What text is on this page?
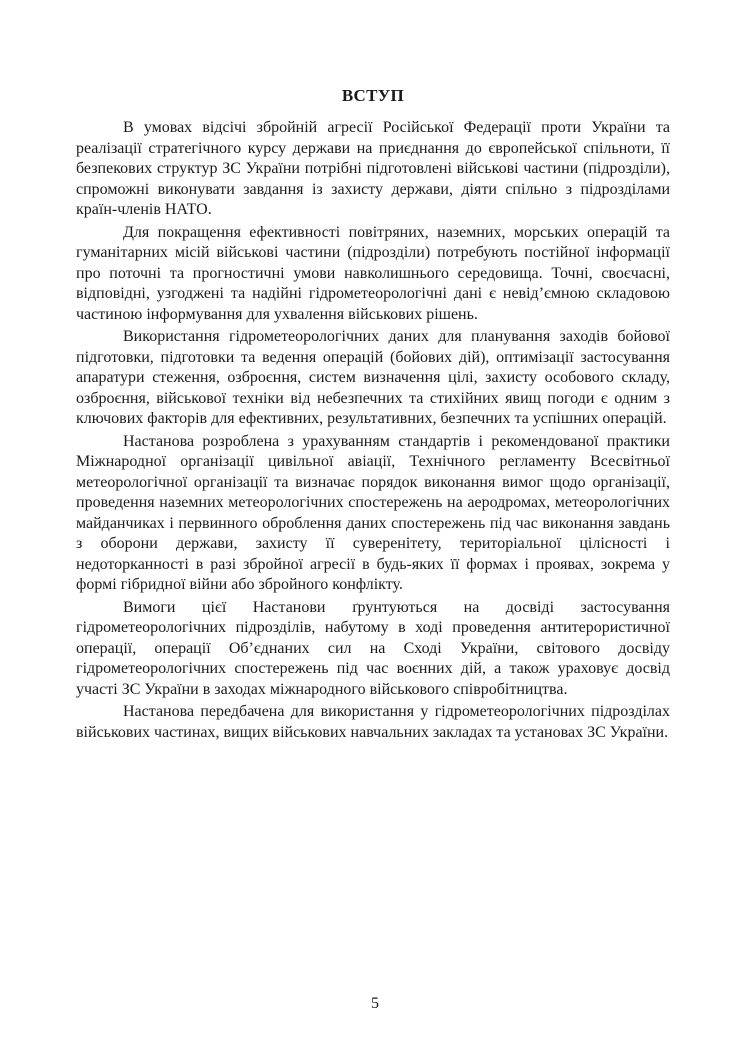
ВСТУП

В умовах відсічі збройній агресії Російської Федерації проти України та реалізації стратегічного курсу держави на приєднання до європейської спільноти, її безпекових структур ЗС України потрібні підготовлені військові частини (підрозділи), спроможні виконувати завдання із захисту держави, діяти спільно з підрозділами країн-членів НАТО.

Для покращення ефективності повітряних, наземних, морських операцій та гуманітарних місій військові частини (підрозділи) потребують постійної інформації про поточні та прогностичні умови навколишнього середовища. Точні, своєчасні, відповідні, узгоджені та надійні гідрометеорологічні дані є невід’ємною складовою частиною інформування для ухвалення військових рішень.

Використання гідрометеорологічних даних для планування заходів бойової підготовки, підготовки та ведення операцій (бойових дій), оптимізації застосування апаратури стеження, озброєння, систем визначення цілі, захисту особового складу, озброєння, військової техніки від небезпечних та стихійних явищ погоди є одним з ключових факторів для ефективних, результативних, безпечних та успішних операцій.

Настанова розроблена з урахуванням стандартів і рекомендованої практики Міжнародної організації цивільної авіації, Технічного регламенту Всесвітньої метеорологічної організації та визначає порядок виконання вимог щодо організації, проведення наземних метеорологічних спостережень на аеродромах, метеорологічних майданчиках і первинного оброблення даних спостережень під час виконання завдань з оборони держави, захисту її суверенітету, територіальної цілісності і недоторканності в разі збройної агресії в будь-яких її формах і проявах, зокрема у формі гібридної війни або збройного конфлікту.

Вимоги цієї Настанови ґрунтуються на досвіді застосування гідрометеорологічних підрозділів, набутому в ході проведення антитерористичної операції, операції Об’єднаних сил на Сході України, світового досвіду гідрометеорологічних спостережень під час воєнних дій, а також ураховує досвід участі ЗС України в заходах міжнародного військового співробітництва.

Настанова передбачена для використання у гідрометеорологічних підрозділах військових частинах, вищих військових навчальних закладах та установах ЗС України.

5
